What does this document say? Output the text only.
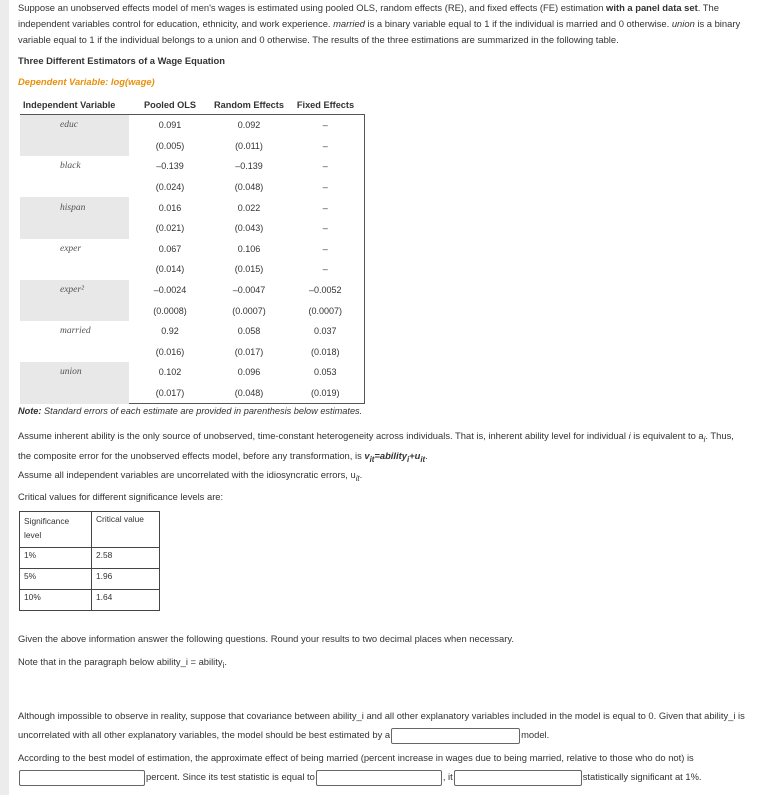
Suppose an unobserved effects model of men's wages is estimated using pooled OLS, random effects (RE), and fixed effects (FE) estimation with a panel data set. The independent variables control for education, ethnicity, and work experience. married is a binary variable equal to 1 if the individual is married and 0 otherwise. union is a binary variable equal to 1 if the individual belongs to a union and 0 otherwise. The results of the three estimations are summarized in the following table.
Three Different Estimators of a Wage Equation
Dependent Variable: log(wage)
Independent Variable	Pooled OLS	Random Effects	Fixed Effects
educ	0.091	0.092	–
	(0.005)	(0.011)	–
black	–0.139	–0.139	–
	(0.024)	(0.048)	–
hispan	0.016	0.022	–
	(0.021)	(0.043)	–
exper	0.067	0.106	–
	(0.014)	(0.015)	–
exper²	–0.0024	–0.0047	–0.0052
	(0.0008)	(0.0007)	(0.0007)
married	0.92	0.058	0.037
	(0.016)	(0.017)	(0.018)
union	0.102	0.096	0.053
	(0.017)	(0.048)	(0.019)
Note: Standard errors of each estimate are provided in parenthesis below estimates.
Assume inherent ability is the only source of unobserved, time-constant heterogeneity across individuals. That is, inherent ability level for individual i is equivalent to $a_i$. Thus, the composite error for the unobserved effects model, before any transformation, is $v_{it}=ability_i+u_{it}$.
Assume all independent variables are uncorrelated with the idiosyncratic errors, $u_{it}$.
Critical values for different significance levels are:
Significance level	Critical value
1%	2.58
5%	1.96
10%	1.64
Given the above information answer the following questions. Round your results to two decimal places when necessary.
Note that in the paragraph below ability_i = ability$_i$.
Although impossible to observe in reality, suppose that covariance between ability_i and all other explanatory variables included in the model is equal to 0. Given that ability_i is uncorrelated with all other explanatory variables, the model should be best estimated by a	model.
According to the best model of estimation, the approximate effect of being married (percent increase in wages due to being married, relative to those who do not) ispercent. Since its test statistic is equal to	, it	statistically significant at 1%.
